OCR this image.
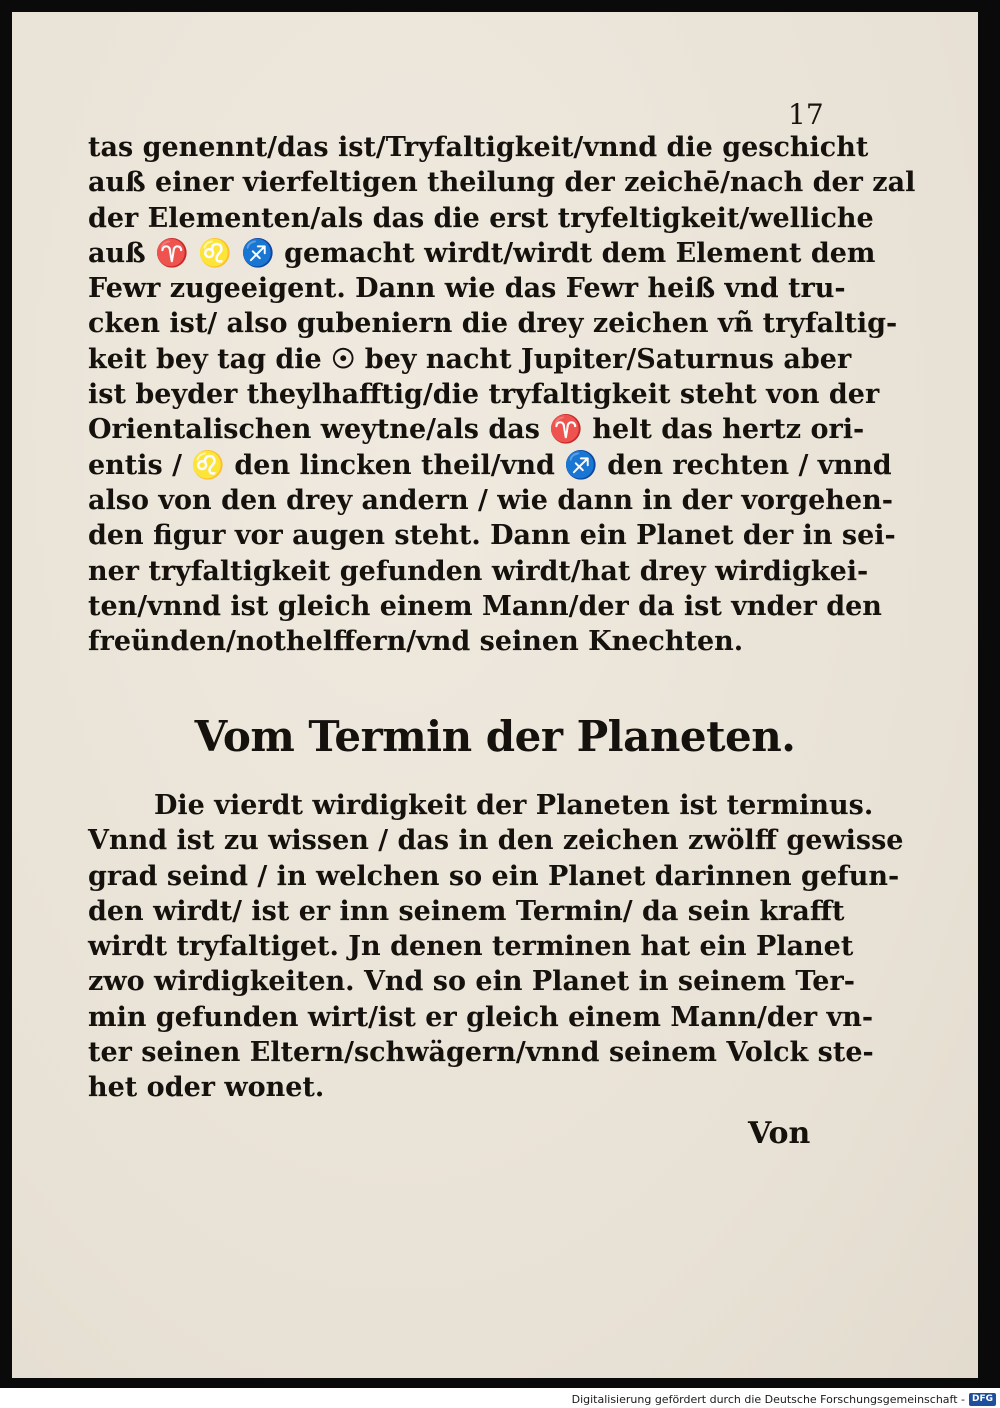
17
tas genennt/das ist/Tryfaltigkeit/vnnd die geschicht
auß einer vierfeltigen theilung der zeichē/nach der zal
der Elementen/als das die erst tryfeltigkeit/welliche
auß ♈ ♌ ♐ gemacht wirdt/wirdt dem Element dem
Fewr zugeeigent. Dann wie das Fewr heiß vnd tru-
cken ist/ also gubeniern die drey zeichen vñ tryfaltig-
keit bey tag die ☉ bey nacht Jupiter/Saturnus aber
ist beyder theylhafftig/die tryfaltigkeit steht von der
Orientalischen weytne/als das ♈ helt das hertz ori-
entis / ♌ den lincken theil/vnd ♐ den rechten / vnnd
also von den drey andern / wie dann in der vorgehen-
den figur vor augen steht. Dann ein Planet der in sei-
ner tryfaltigkeit gefunden wirdt/hat drey wirdigkei-
ten/vnnd ist gleich einem Mann/der da ist vnder den
freünden/nothelffern/vnd seinen Knechten.
Vom Termin der Planeten.
Die vierdt wirdigkeit der Planeten ist terminus.
Vnnd ist zu wissen / das in den zeichen zwölff gewisse
grad seind / in welchen so ein Planet darinnen gefun-
den wirdt/ ist er inn seinem Termin/ da sein krafft
wirdt tryfaltiget. Jn denen terminen hat ein Planet
zwo wirdigkeiten. Vnd so ein Planet in seinem Ter-
min gefunden wirt/ist er gleich einem Mann/der vn-
ter seinen Eltern/schwägern/vnnd seinem Volck ste-
het oder wonet.
Von
Digitalisierung gefördert durch die Deutsche Forschungsgemeinschaft - DFG
